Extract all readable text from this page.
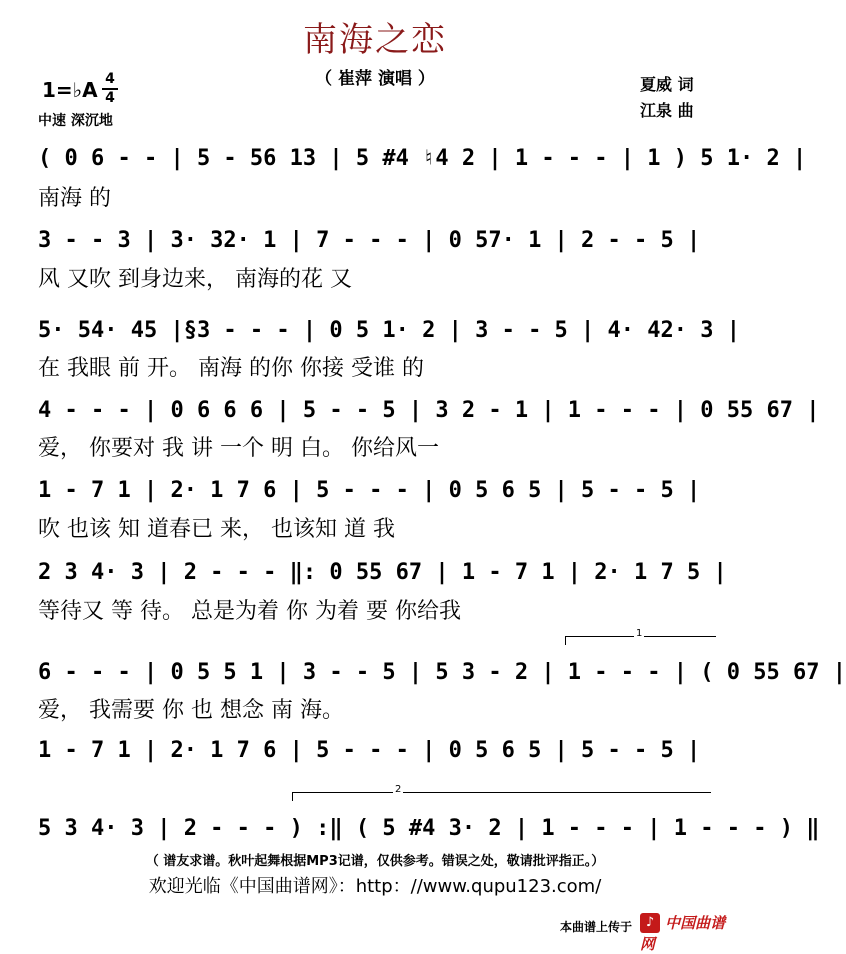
南海之恋
（ 崔萍 演唱 ）	夏威 词
江泉 曲
1=♭A 4
4
中速 深沉地
( 0 6 - - | 5 - 56 13 | 5 #4 ♮4 2 | 1 - - - | 1 ) 5 1· 2 |
南海 的
3 - - 3 | 3· 32· 1 | 7 - - - | 0 57· 1 | 2 - - 5 |
风 又吹 到身边来， 南海的花 又
5· 54· 45 |§3 - - - | 0 5 1· 2 | 3 - - 5 | 4· 42· 3 |
在 我眼 前 开。 南海 的你 你接 受谁 的
4 - - - | 0 6 6 6 | 5 - - 5 | 3 2 - 1 | 1 - - - | 0 55 67 |
爱， 你要对 我 讲 一个 明 白。 你给风一
1 - 7 1 | 2· 1 7 6 | 5 - - - | 0 5 6 5 | 5 - - 5 |
吹 也该 知 道春已 来， 也该知 道 我
2 3 4· 3 | 2 - - - ‖: 0 55 67 | 1 - 7 1 | 2· 1 7 5 |
等待又 等 待。 总是为着 你 为着 要 你给我
1
6 - - - | 0 5 5 1 | 3 - - 5 | 5 3 - 2 | 1 - - - | ( 0 55 67 |
爱， 我需要 你 也 想念 南 海。
1 - 7 1 | 2· 1 7 6 | 5 - - - | 0 5 6 5 | 5 - - 5 |
2
5 3 4· 3 | 2 - - - ) :‖ ( 5 #4 3· 2 | 1 - - - | 1 - - - ) ‖
（ 谱友求谱。秋叶起舞根据MP3记谱，仅供参考。错误之处，敬请批评指正。）
欢迎光临《中国曲谱网》：http：//www.qupu123.com/
本曲谱上传于	♪ 中国曲谱网
